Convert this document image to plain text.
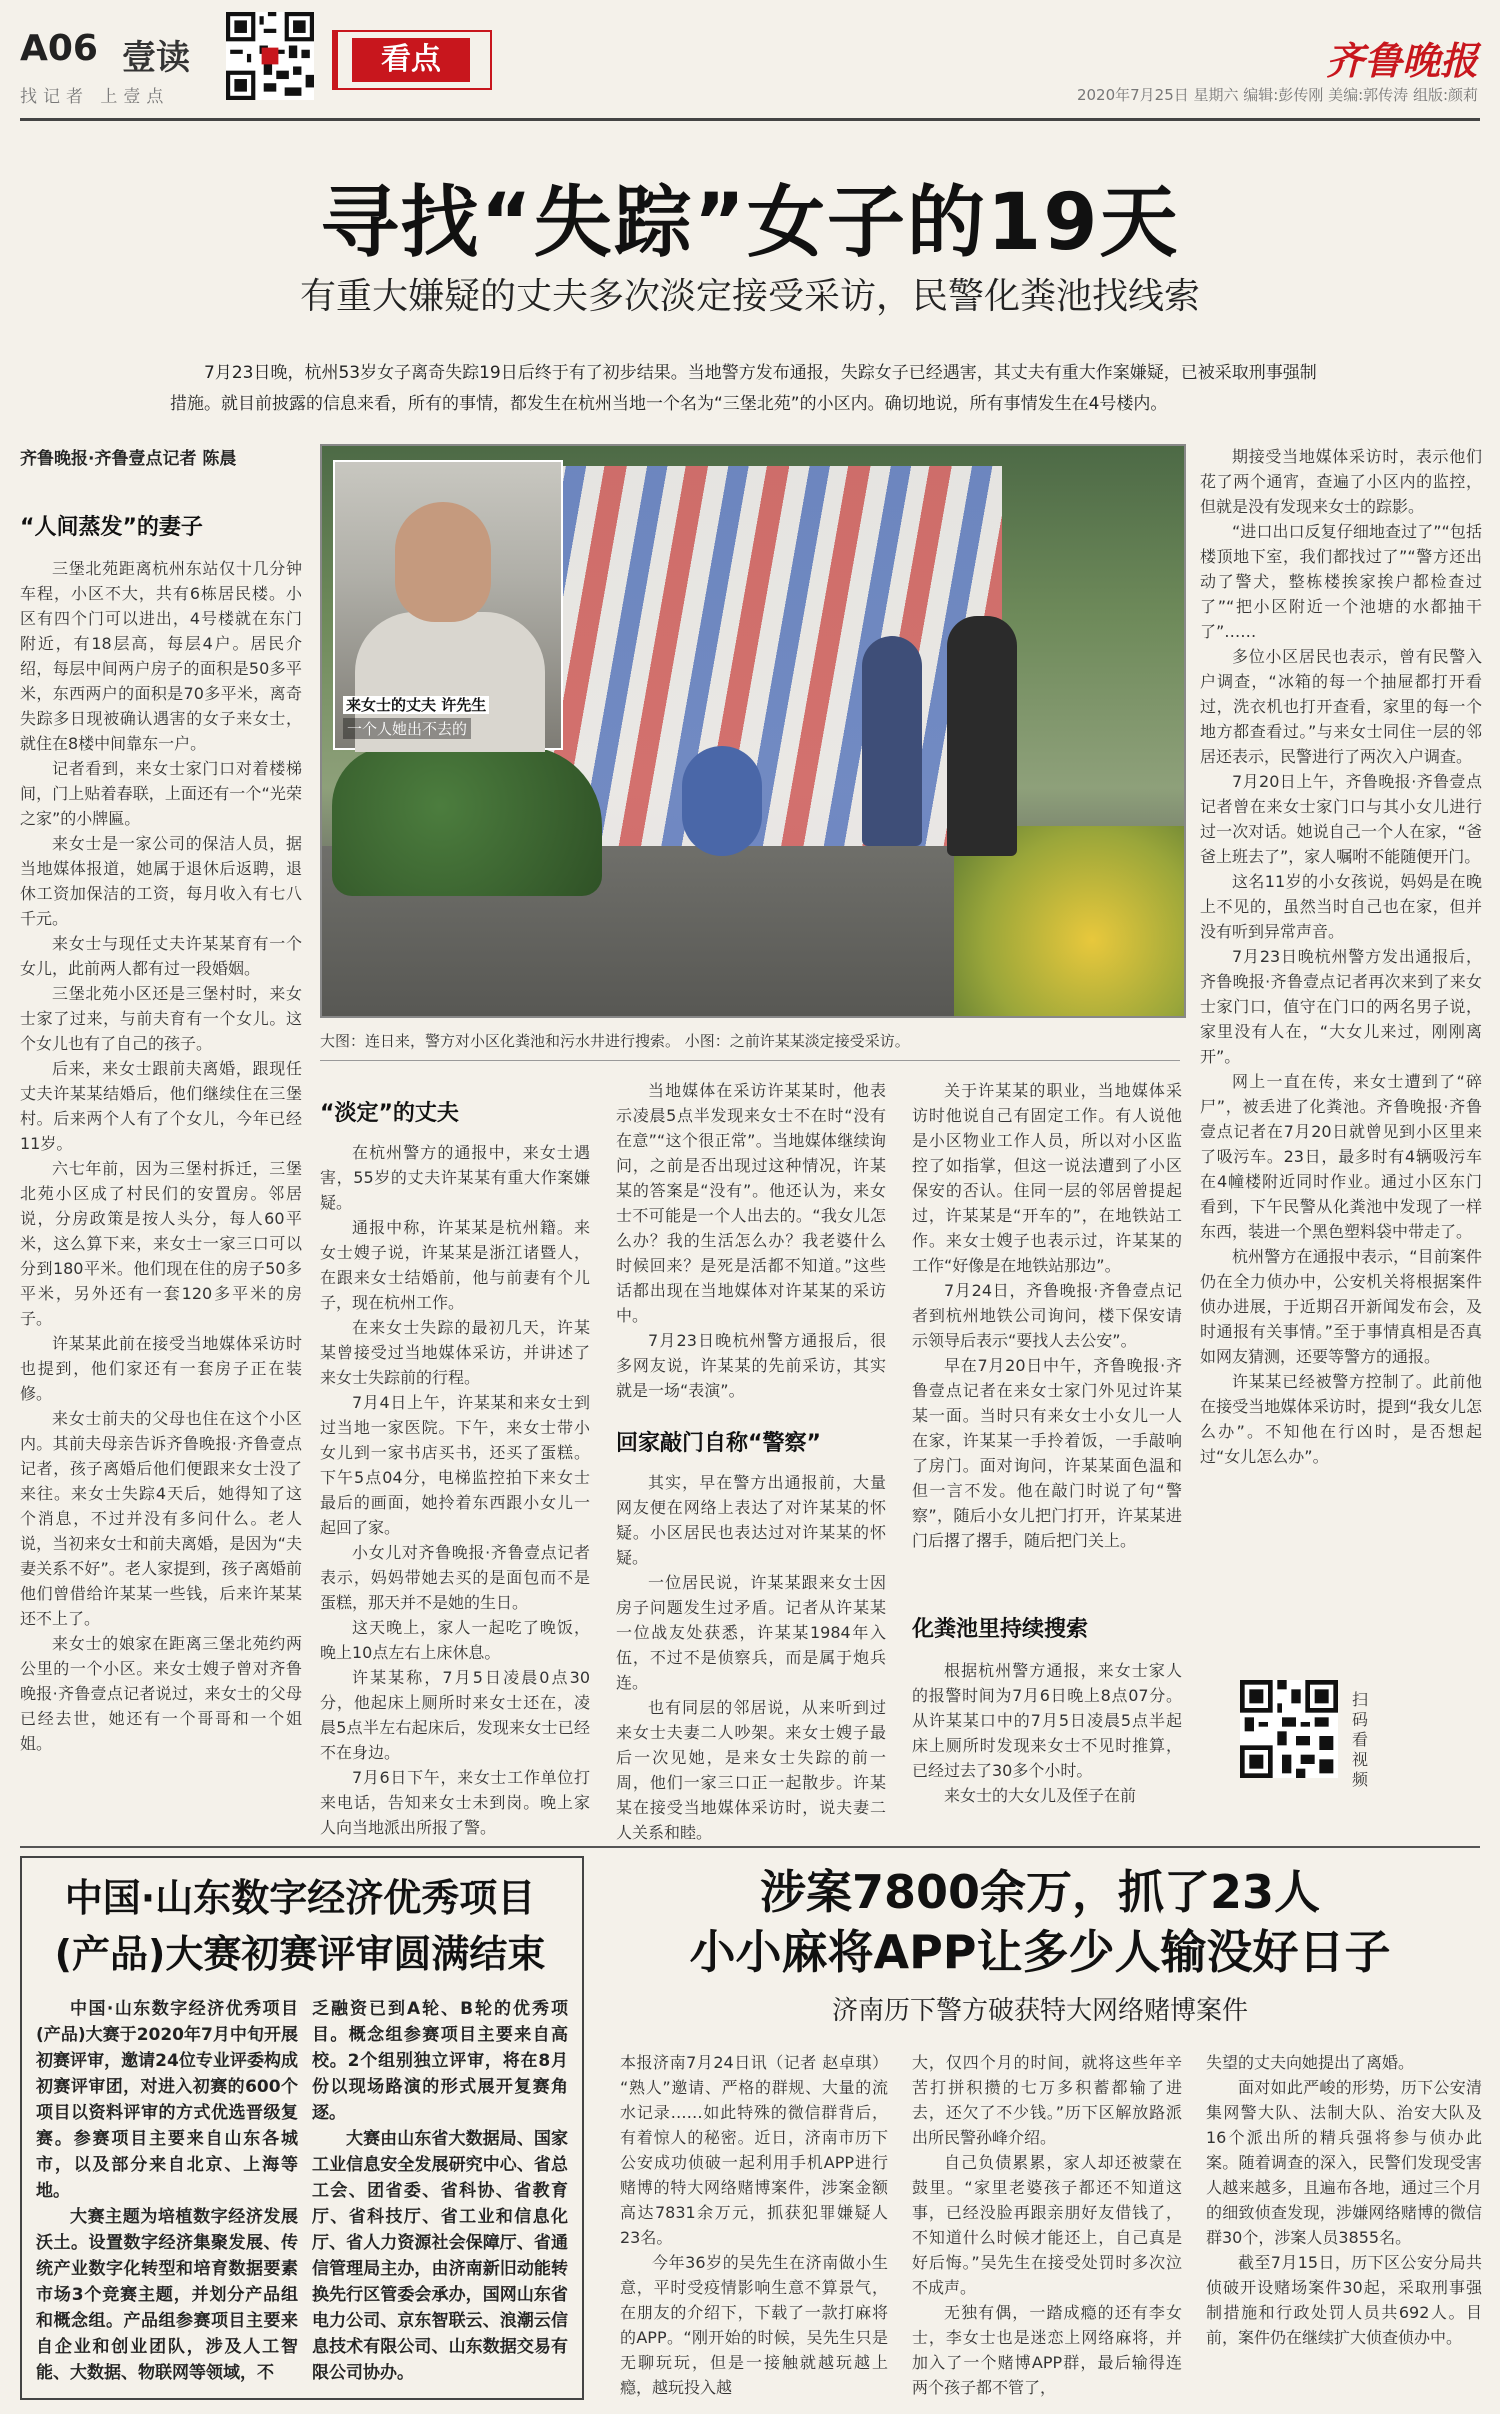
A06 壹读
找记者 上壹点
看点	齐鲁晚报
2020年7月25日 星期六 编辑:彭传刚 美编:郭传涛 组版:颜莉
寻找“失踪”女子的19天
有重大嫌疑的丈夫多次淡定接受采访，民警化粪池找线索
7月23日晚，杭州53岁女子离奇失踪19日后终于有了初步结果。当地警方发布通报，失踪女子已经遇害，其丈夫有重大作案嫌疑，已被采取刑事强制措施。就目前披露的信息来看，所有的事情，都发生在杭州当地一个名为“三堡北苑”的小区内。确切地说，所有事情发生在4号楼内。
齐鲁晚报·齐鲁壹点记者 陈晨
“人间蒸发”的妻子

三堡北苑距离杭州东站仅十几分钟车程，小区不大，共有6栋居民楼。小区有四个门可以进出，4号楼就在东门附近，有18层高，每层4户。居民介绍，每层中间两户房子的面积是50多平米，东西两户的面积是70多平米，离奇失踪多日现被确认遇害的女子来女士，就住在8楼中间靠东一户。

记者看到，来女士家门口对着楼梯间，门上贴着春联，上面还有一个“光荣之家”的小牌匾。

来女士是一家公司的保洁人员，据当地媒体报道，她属于退休后返聘，退休工资加保洁的工资，每月收入有七八千元。

来女士与现任丈夫许某某育有一个女儿，此前两人都有过一段婚姻。

三堡北苑小区还是三堡村时，来女士家了过来，与前夫育有一个女儿。这个女儿也有了自己的孩子。

后来，来女士跟前夫离婚，跟现任丈夫许某某结婚后，他们继续住在三堡村。后来两个人有了个女儿，今年已经11岁。

六七年前，因为三堡村拆迁，三堡北苑小区成了村民们的安置房。邻居说，分房政策是按人头分，每人60平米，这么算下来，来女士一家三口可以分到180平米。他们现在住的房子50多平米，另外还有一套120多平米的房子。

许某某此前在接受当地媒体采访时也提到，他们家还有一套房子正在装修。

来女士前夫的父母也住在这个小区内。其前夫母亲告诉齐鲁晚报·齐鲁壹点记者，孩子离婚后他们便跟来女士没了来往。来女士失踪4天后，她得知了这个消息，不过并没有多问什么。老人说，当初来女士和前夫离婚，是因为“夫妻关系不好”。老人家提到，孩子离婚前他们曾借给许某某一些钱，后来许某某还不上了。

来女士的娘家在距离三堡北苑约两公里的一个小区。来女士嫂子曾对齐鲁晚报·齐鲁壹点记者说过，来女士的父母已经去世，她还有一个哥哥和一个姐姐。

来女士的丈夫 许先生
一个人她出不去的
大图：连日来，警方对小区化粪池和污水井进行搜索。 小图：之前许某某淡定接受采访。
“淡定”的丈夫

在杭州警方的通报中，来女士遇害，55岁的丈夫许某某有重大作案嫌疑。

通报中称，许某某是杭州籍。来女士嫂子说，许某某是浙江诸暨人，在跟来女士结婚前，他与前妻有个儿子，现在杭州工作。

在来女士失踪的最初几天，许某某曾接受过当地媒体采访，并讲述了来女士失踪前的行程。

7月4日上午，许某某和来女士到过当地一家医院。下午，来女士带小女儿到一家书店买书，还买了蛋糕。下午5点04分，电梯监控拍下来女士最后的画面，她拎着东西跟小女儿一起回了家。

小女儿对齐鲁晚报·齐鲁壹点记者表示，妈妈带她去买的是面包而不是蛋糕，那天并不是她的生日。

这天晚上，家人一起吃了晚饭，晚上10点左右上床休息。

许某某称，7月5日凌晨0点30分，他起床上厕所时来女士还在，凌晨5点半左右起床后，发现来女士已经不在身边。

7月6日下午，来女士工作单位打来电话，告知来女士未到岗。晚上家人向当地派出所报了警。

当地媒体在采访许某某时，他表示凌晨5点半发现来女士不在时“没有在意”“这个很正常”。当地媒体继续询问，之前是否出现过这种情况，许某某的答案是“没有”。他还认为，来女士不可能是一个人出去的。“我女儿怎么办？我的生活怎么办？我老婆什么时候回来？是死是活都不知道。”这些话都出现在当地媒体对许某某的采访中。

7月23日晚杭州警方通报后，很多网友说，许某某的先前采访，其实就是一场“表演”。

回家敲门自称“警察”

其实，早在警方出通报前，大量网友便在网络上表达了对许某某的怀疑。小区居民也表达过对许某某的怀疑。

一位居民说，许某某跟来女士因房子问题发生过矛盾。记者从许某某一位战友处获悉，许某某1984年入伍，不过不是侦察兵，而是属于炮兵连。

也有同层的邻居说，从来听到过来女士夫妻二人吵架。来女士嫂子最后一次见她，是来女士失踪的前一周，他们一家三口正一起散步。许某某在接受当地媒体采访时，说夫妻二人关系和睦。

关于许某某的职业，当地媒体采访时他说自己有固定工作。有人说他是小区物业工作人员，所以对小区监控了如指掌，但这一说法遭到了小区保安的否认。住同一层的邻居曾提起过，许某某是“开车的”，在地铁站工作。来女士嫂子也表示过，许某某的工作“好像是在地铁站那边”。

7月24日，齐鲁晚报·齐鲁壹点记者到杭州地铁公司询问，楼下保安请示领导后表示“要找人去公安”。

早在7月20日中午，齐鲁晚报·齐鲁壹点记者在来女士家门外见过许某某一面。当时只有来女士小女儿一人在家，许某某一手拎着饭，一手敲响了房门。面对询问，许某某面色温和但一言不发。他在敲门时说了句“警察”，随后小女儿把门打开，许某某进门后撂了撂手，随后把门关上。

化粪池里持续搜索

根据杭州警方通报，来女士家人的报警时间为7月6日晚上8点07分。从许某某口中的7月5日凌晨5点半起床上厕所时发现来女士不见时推算，已经过去了30多个小时。

来女士的大女儿及侄子在前

期接受当地媒体采访时，表示他们花了两个通宵，查遍了小区内的监控，但就是没有发现来女士的踪影。

“进口出口反复仔细地查过了”“包括楼顶地下室，我们都找过了”“警方还出动了警犬，整栋楼挨家挨户都检查过了”“把小区附近一个池塘的水都抽干了”……

多位小区居民也表示，曾有民警入户调查，“冰箱的每一个抽屉都打开看过，洗衣机也打开查看，家里的每一个地方都查看过。”与来女士同住一层的邻居还表示，民警进行了两次入户调查。

7月20日上午，齐鲁晚报·齐鲁壹点记者曾在来女士家门口与其小女儿进行过一次对话。她说自己一个人在家，“爸爸上班去了”，家人嘱咐不能随便开门。

这名11岁的小女孩说，妈妈是在晚上不见的，虽然当时自己也在家，但并没有听到异常声音。

7月23日晚杭州警方发出通报后，齐鲁晚报·齐鲁壹点记者再次来到了来女士家门口，值守在门口的两名男子说，家里没有人在，“大女儿来过，刚刚离开”。

网上一直在传，来女士遭到了“碎尸”，被丢进了化粪池。齐鲁晚报·齐鲁壹点记者在7月20日就曾见到小区里来了吸污车。23日，最多时有4辆吸污车在4幢楼附近同时作业。通过小区东门看到，下午民警从化粪池中发现了一样东西，装进一个黑色塑料袋中带走了。

杭州警方在通报中表示，“目前案件仍在全力侦办中，公安机关将根据案件侦办进展，于近期召开新闻发布会，及时通报有关事情。”至于事情真相是否真如网友猜测，还要等警方的通报。

许某某已经被警方控制了。此前他在接受当地媒体采访时，提到“我女儿怎么办”。不知他在行凶时，是否想起过“女儿怎么办”。

扫码看视频
中国·山东数字经济优秀项目
(产品)大赛初赛评审圆满结束

中国·山东数字经济优秀项目(产品)大赛于2020年7月中旬开展初赛评审，邀请24位专业评委构成初赛评审团，对进入初赛的600个项目以资料评审的方式优选晋级复赛。参赛项目主要来自山东各城市，以及部分来自北京、上海等地。

大赛主题为培植数字经济发展沃土。设置数字经济集聚发展、传统产业数字化转型和培育数据要素市场3个竞赛主题，并划分产品组和概念组。产品组参赛项目主要来自企业和创业团队，涉及人工智能、大数据、物联网等领域，不

乏融资已到A轮、B轮的优秀项目。概念组参赛项目主要来自高校。2个组别独立评审，将在8月份以现场路演的形式展开复赛角逐。

大赛由山东省大数据局、国家工业信息安全发展研究中心、省总工会、团省委、省科协、省教育厅、省科技厅、省工业和信息化厅、省人力资源社会保障厅、省通信管理局主办，由济南新旧动能转换先行区管委会承办，国网山东省电力公司、京东智联云、浪潮云信息技术有限公司、山东数据交易有限公司协办。

涉案7800余万，抓了23人
小小麻将APP让多少人输没好日子
济南历下警方破获特大网络赌博案件

本报济南7月24日讯（记者 赵卓琪） “熟人”邀请、严格的群规、大量的流水记录……如此特殊的微信群背后，有着惊人的秘密。近日，济南市历下公安成功侦破一起利用手机APP进行赌博的特大网络赌博案件，涉案金额高达7831余万元，抓获犯罪嫌疑人23名。

今年36岁的吴先生在济南做小生意，平时受疫情影响生意不算景气，在朋友的介绍下，下载了一款打麻将的APP。“刚开始的时候，吴先生只是无聊玩玩，但是一接触就越玩越上瘾，越玩投入越

大，仅四个月的时间，就将这些年辛苦打拼积攒的七万多积蓄都输了进去，还欠了不少钱。”历下区解放路派出所民警孙峰介绍。

自己负债累累，家人却还被蒙在鼓里。“家里老婆孩子都还不知道这事，已经没脸再跟亲朋好友借钱了，不知道什么时候才能还上，自己真是好后悔。”吴先生在接受处罚时多次泣不成声。

无独有偶，一踏成瘾的还有李女士，李女士也是迷恋上网络麻将，并加入了一个赌博APP群，最后输得连两个孩子都不管了，

失望的丈夫向她提出了离婚。

面对如此严峻的形势，历下公安清集网警大队、法制大队、治安大队及16个派出所的精兵强将参与侦办此案。随着调查的深入，民警们发现受害人越来越多，且遍布各地，通过三个月的细致侦查发现，涉嫌网络赌博的微信群30个，涉案人员3855名。

截至7月15日，历下区公安分局共侦破开设赌场案件30起，采取刑事强制措施和行政处罚人员共692人。目前，案件仍在继续扩大侦查侦办中。
